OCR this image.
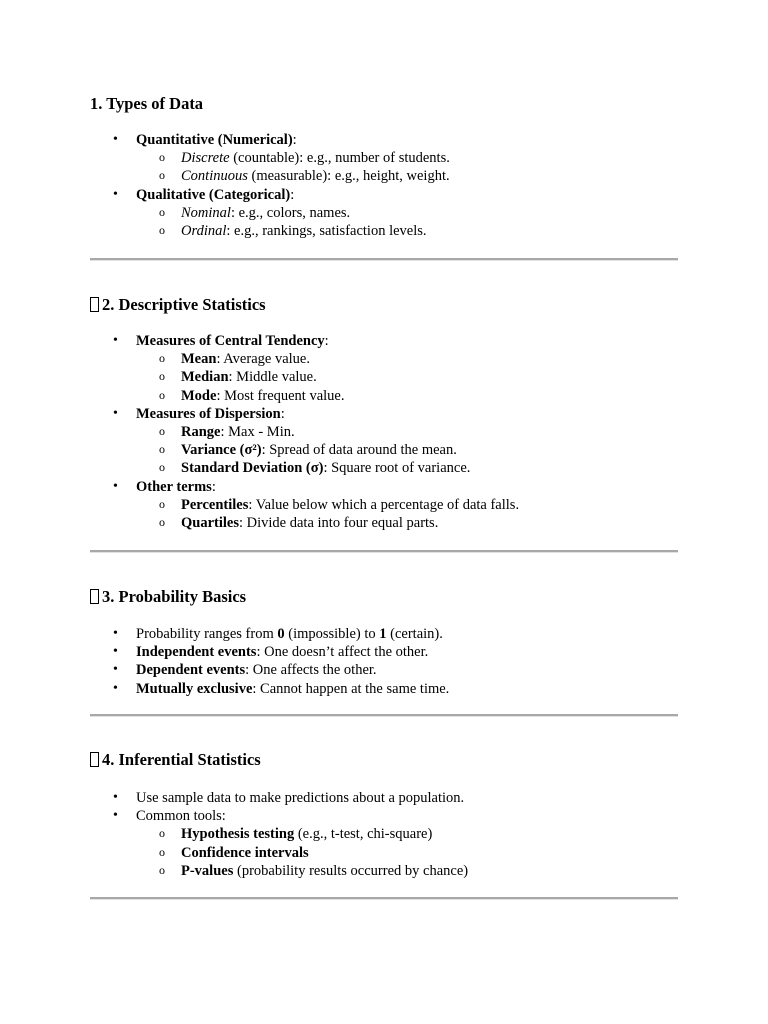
1. Types of Data
• Quantitative (Numerical):
o Discrete (countable): e.g., number of students.
o Continuous (measurable): e.g., height, weight.
• Qualitative (Categorical):
o Nominal: e.g., colors, names.
o Ordinal: e.g., rankings, satisfaction levels.
2. Descriptive Statistics
• Measures of Central Tendency:
o Mean: Average value.
o Median: Middle value.
o Mode: Most frequent value.
• Measures of Dispersion:
o Range: Max - Min.
o Variance (σ²): Spread of data around the mean.
o Standard Deviation (σ): Square root of variance.
• Other terms:
o Percentiles: Value below which a percentage of data falls.
o Quartiles: Divide data into four equal parts.
3. Probability Basics
• Probability ranges from 0 (impossible) to 1 (certain).
• Independent events: One doesn’t affect the other.
• Dependent events: One affects the other.
• Mutually exclusive: Cannot happen at the same time.
4. Inferential Statistics
• Use sample data to make predictions about a population.
• Common tools:
o Hypothesis testing (e.g., t-test, chi-square)
o Confidence intervals
o P-values (probability results occurred by chance)
